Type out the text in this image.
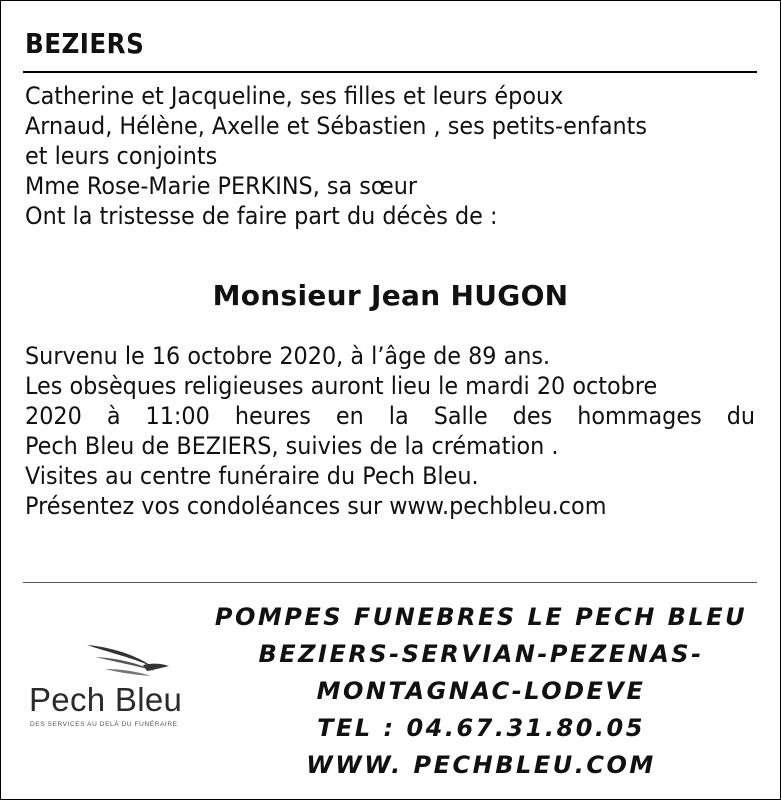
BEZIERS
Catherine et Jacqueline, ses filles et leurs époux
Arnaud, Hélène, Axelle et Sébastien , ses petits-enfants
et leurs conjoints
Mme Rose-Marie PERKINS, sa sœur
Ont la tristesse de faire part du décès de :
Monsieur Jean HUGON
Survenu le 16 octobre 2020, à l’âge de 89 ans.
Les obsèques religieuses auront lieu le mardi 20 octobre
2020 à 11:00 heures en la Salle des hommages du
Pech Bleu de BEZIERS, suivies de la crémation .
Visites au centre funéraire du Pech Bleu.
Présentez vos condoléances sur www.pechbleu.com
Pech Bleu
DES SERVICES AU DELÀ DU FUNÉRAIRE
POMPES FUNEBRES LE PECH BLEU
BEZIERS-SERVIAN-PEZENAS-
MONTAGNAC-LODEVE
TEL : 04.67.31.80.05
WWW. PECHBLEU.COM
